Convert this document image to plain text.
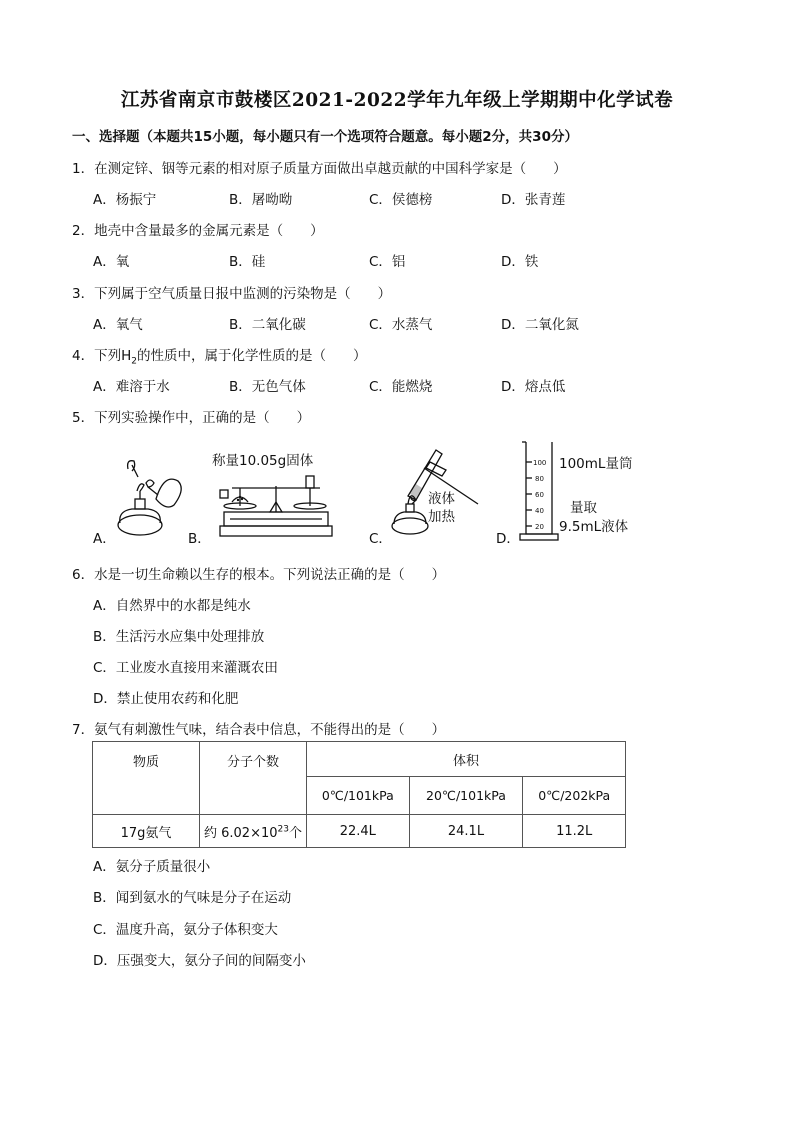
江苏省南京市鼓楼区2021-2022学年九年级上学期期中化学试卷
一、选择题（本题共15小题，每小题只有一个选项符合题意。每小题2分，共30分）
1．在测定锌、铟等元素的相对原子质量方面做出卓越贡献的中国科学家是（　　）
A．杨振宁	B．屠呦呦	C．侯德榜	D．张青莲
2．地壳中含量最多的金属元素是（　　）
A．氧	B．硅	C．铝	D．铁
3．下列属于空气质量日报中监测的污染物是（　　）
A．氧气	B．二氧化碳	C．水蒸气	D．二氧化氮
4．下列$H_2$的性质中，属于化学性质的是（　　）
A．难溶于水	B．无色气体	C．能燃烧	D．熔点低
5．下列实验操作中，正确的是（　　）
A．	B．	C．	D．
称量10.05g固体
液体
加热
100
80
60
40
20
100mL量筒
量取
9.5mL液体
6．水是一切生命赖以生存的根本。下列说法正确的是（　　）
A．自然界中的水都是纯水
B．生活污水应集中处理排放
C．工业废水直接用来灌溉农田
D．禁止使用农药和化肥
7．氨气有刺激性气味，结合表中信息，不能得出的是（　　）
物质	分子个数	体积		
		0℃/101kPa	20℃/101kPa	0℃/202kPa
17g氨气	约 $6.02\times 10^{23}$个	22.4L	24.1L	11.2L
A．氨分子质量很小
B．闻到氨水的气味是分子在运动
C．温度升高，氨分子体积变大
D．压强变大，氨分子间的间隔变小
